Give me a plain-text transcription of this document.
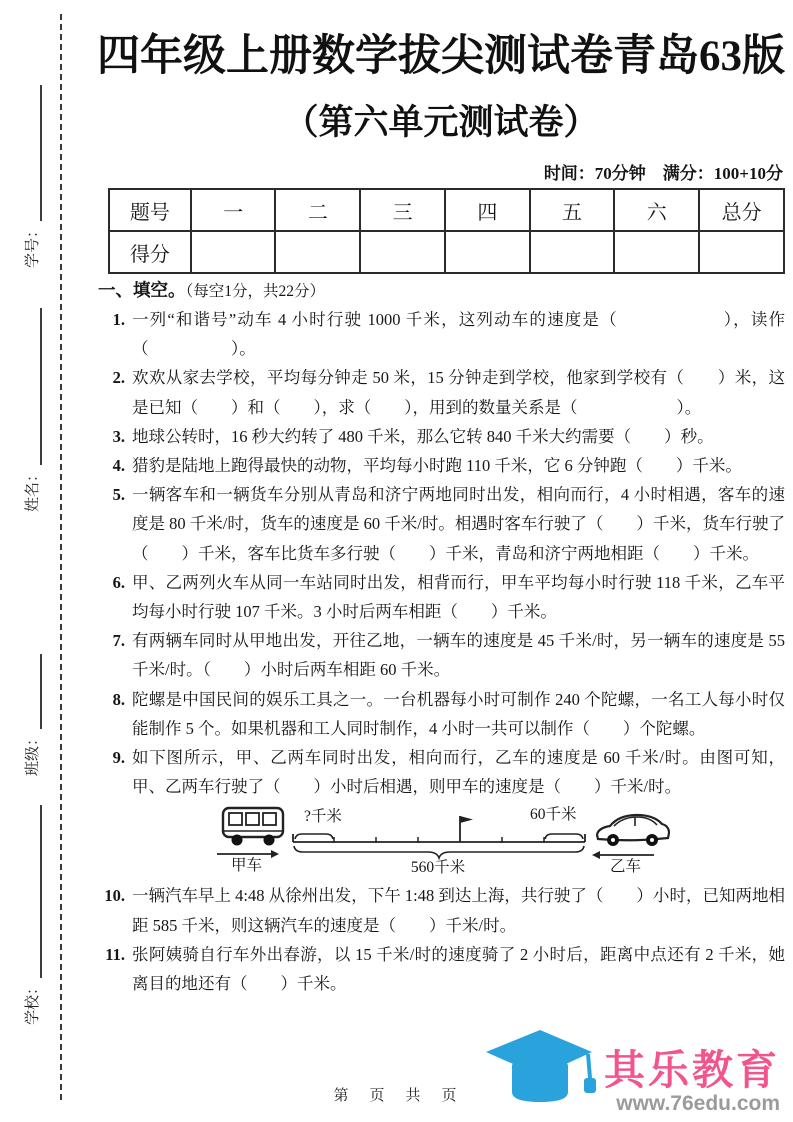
学号：
姓名：
班级：
学校：
四年级上册数学拔尖测试卷青岛63版
（第六单元测试卷）
时间：70分钟　满分：100+10分
题号	一	二	三	四	五	六	总分
得分							
一、填空。（每空1分，共22分）
1. 一列“和谐号”动车 4 小时行驶 1000 千米，这列动车的速度是（　　　　　　），读作（　　　　　）。
2. 欢欢从家去学校，平均每分钟走 50 米，15 分钟走到学校，他家到学校有（　　）米，这是已知（　　）和（　　），求（　　），用到的数量关系是（　　　　　　）。
3. 地球公转时，16 秒大约转了 480 千米，那么它转 840 千米大约需要（　　）秒。
4. 猎豹是陆地上跑得最快的动物，平均每小时跑 110 千米，它 6 分钟跑（　　）千米。
5. 一辆客车和一辆货车分别从青岛和济宁两地同时出发，相向而行，4 小时相遇，客车的速度是 80 千米/时，货车的速度是 60 千米/时。相遇时客车行驶了（　　）千米，货车行驶了（　　）千米，客车比货车多行驶（　　）千米，青岛和济宁两地相距（　　）千米。
6. 甲、乙两列火车从同一车站同时出发，相背而行，甲车平均每小时行驶 118 千米，乙车平均每小时行驶 107 千米。3 小时后两车相距（　　）千米。
7. 有两辆车同时从甲地出发，开往乙地，一辆车的速度是 45 千米/时，另一辆车的速度是 55 千米/时。（　　）小时后两车相距 60 千米。
8. 陀螺是中国民间的娱乐工具之一。一台机器每小时可制作 240 个陀螺，一名工人每小时仅能制作 5 个。如果机器和工人同时制作，4 小时一共可以制作（　　）个陀螺。
9. 如下图所示，甲、乙两车同时出发，相向而行，乙车的速度是 60 千米/时。由图可知，甲、乙两车行驶了（　　）小时后相遇，则甲车的速度是（　　）千米/时。
甲车
?千米	60千米
560千米	乙车
10. 一辆汽车早上 4:48 从徐州出发，下午 1:48 到达上海，共行驶了（　　）小时，已知两地相距 585 千米，则这辆汽车的速度是（　　）千米/时。
11. 张阿姨骑自行车外出春游，以 15 千米/时的速度骑了 2 小时后，距离中点还有 2 千米，她离目的地还有（　　）千米。
第　页　共　页
其乐教育
www.76edu.com
